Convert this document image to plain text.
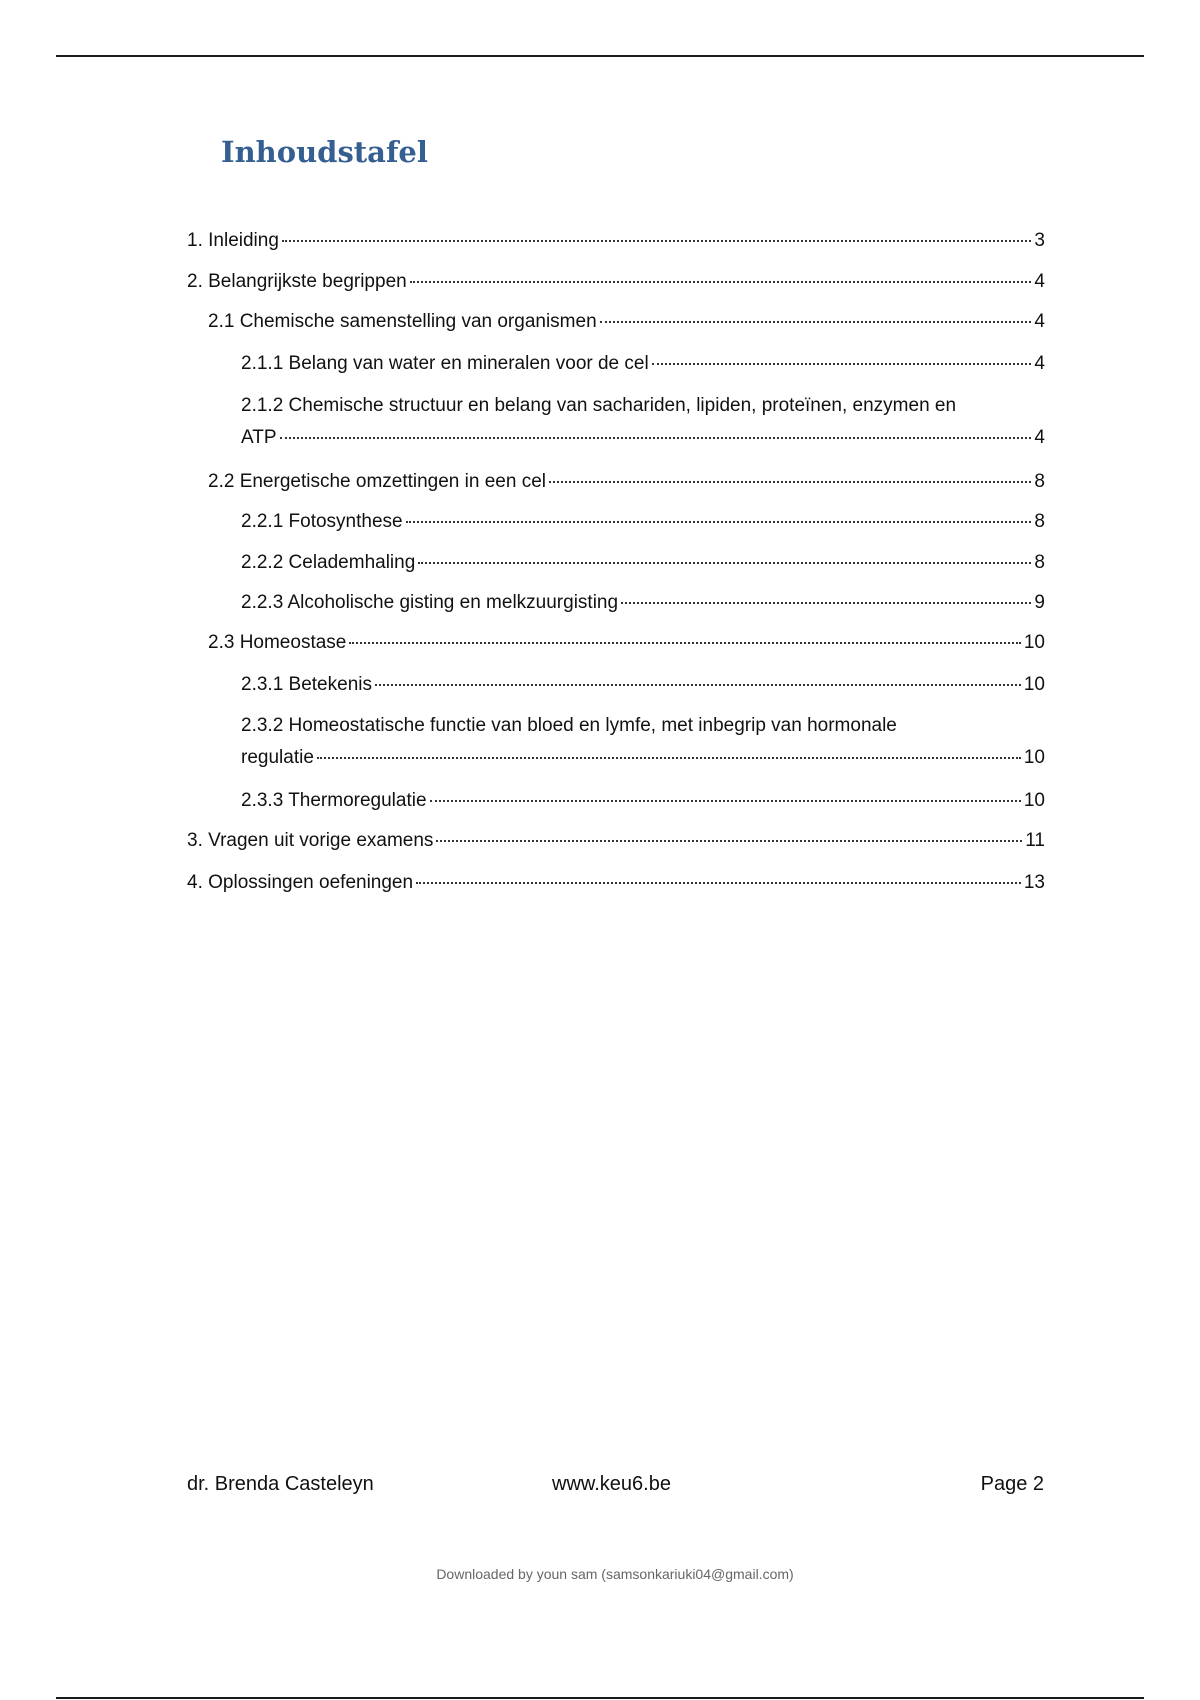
Inhoudstafel
1. Inleiding	3
2. Belangrijkste begrippen	4
2.1 Chemische samenstelling van organismen	4
2.1.1 Belang van water en mineralen voor de cel	4
2.1.2 Chemische structuur en belang van sachariden, lipiden, proteïnen, enzymen en
ATP	4
2.2 Energetische omzettingen in een cel	8
2.2.1 Fotosynthese	8
2.2.2 Celademhaling	8
2.2.3 Alcoholische gisting en melkzuurgisting	9
2.3 Homeostase	10
2.3.1 Betekenis	10
2.3.2 Homeostatische functie van bloed en lymfe, met inbegrip van hormonale
regulatie	10
2.3.3 Thermoregulatie	10
3. Vragen uit vorige examens	11
4. Oplossingen oefeningen	13
dr. Brenda Casteleyn	www.keu6.be	Page 2
Downloaded by youn sam (samsonkariuki04@gmail.com)
